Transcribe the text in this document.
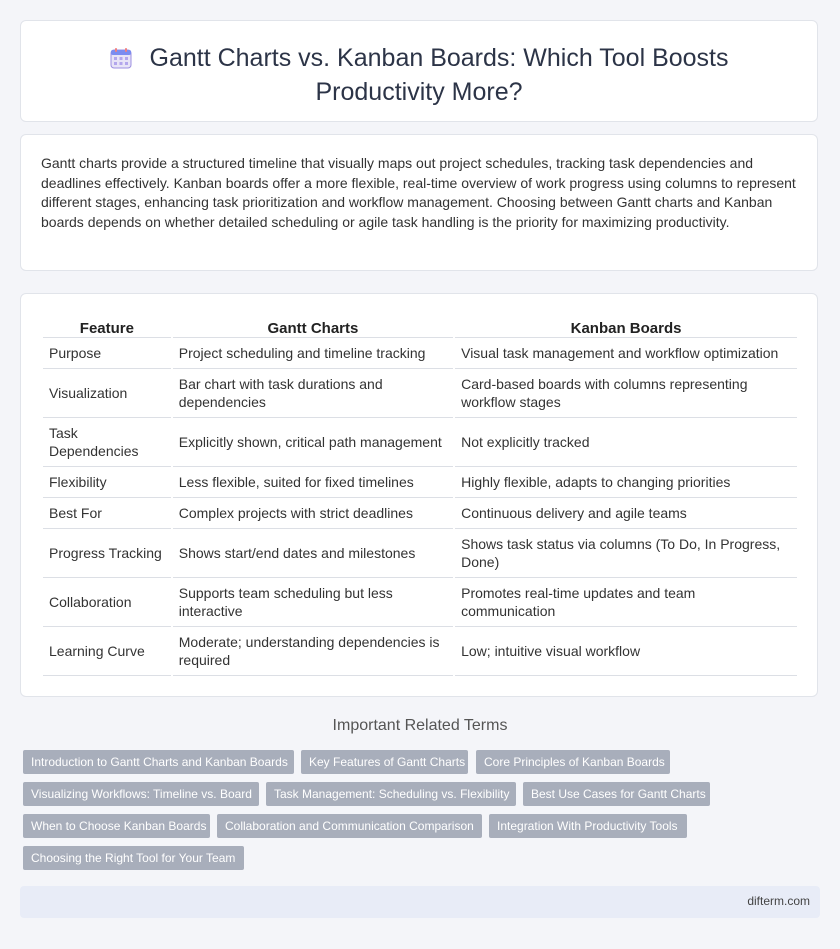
Gantt Charts vs. Kanban Boards: Which Tool Boosts Productivity More?

Gantt charts provide a structured timeline that visually maps out project schedules, tracking task dependencies and deadlines effectively. Kanban boards offer a more flexible, real-time overview of work progress using columns to represent different stages, enhancing task prioritization and workflow management. Choosing between Gantt charts and Kanban boards depends on whether detailed scheduling or agile task handling is the priority for maximizing productivity.

Feature	Gantt Charts	Kanban Boards
Purpose	Project scheduling and timeline tracking	Visual task management and workflow optimization
Visualization	Bar chart with task durations and dependencies	Card-based boards with columns representing workflow stages
Task Dependencies	Explicitly shown, critical path management	Not explicitly tracked
Flexibility	Less flexible, suited for fixed timelines	Highly flexible, adapts to changing priorities
Best For	Complex projects with strict deadlines	Continuous delivery and agile teams
Progress Tracking	Shows start/end dates and milestones	Shows task status via columns (To Do, In Progress, Done)
Collaboration	Supports team scheduling but less interactive	Promotes real-time updates and team communication
Learning Curve	Moderate; understanding dependencies is required	Low; intuitive visual workflow
Important Related Terms
Introduction to Gantt Charts and Kanban Boards	Key Features of Gantt Charts	Core Principles of Kanban Boards
Visualizing Workflows: Timeline vs. Board	Task Management: Scheduling vs. Flexibility	Best Use Cases for Gantt Charts
When to Choose Kanban Boards	Collaboration and Communication Comparison	Integration With Productivity Tools
Choosing the Right Tool for Your Team
difterm.com
